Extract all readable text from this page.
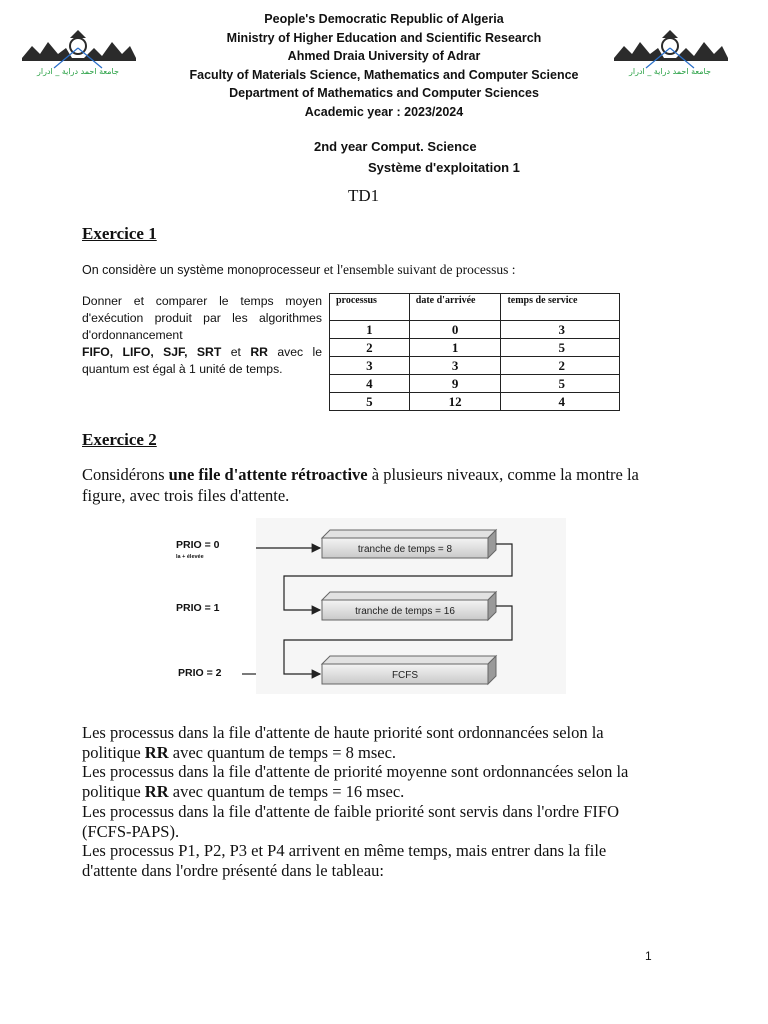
جامعة احمد دراية _ ادرار	جامعة احمد دراية _ ادرار
People's Democratic Republic of Algeria
Ministry of Higher Education and Scientific Research
Ahmed Draia University of Adrar
Faculty of Materials Science, Mathematics and Computer Science
Department of Mathematics and Computer Sciences
Academic year : 2023/2024
2nd year Comput. Science
Système d'exploitation 1
TD1
Exercice 1
On considère un système monoprocesseur et l'ensemble suivant de processus :
Donner et comparer le temps moyen d'exécution produit par les algorithmes d'ordonnancement
FIFO, LIFO, SJF, SRT et RR avec le quantum est égal à 1 unité de temps.
processus	date d'arrivée	temps de service
1	0	3
2	1	5
3	3	2
4	9	5
5	12	4
Exercice 2
Considérons une file d'attente rétroactive à plusieurs niveaux, comme la montre la figure, avec trois files d'attente.
tranche de temps = 8
tranche de temps = 16
FCFS
PRIO = 0
la + élevée
PRIO = 1
PRIO = 2
Les processus dans la file d'attente de haute priorité sont ordonnancées selon la politique RR avec quantum de temps = 8 msec.
Les processus dans la file d'attente de priorité moyenne sont ordonnancées selon la politique RR avec quantum de temps = 16 msec.
Les processus dans la file d'attente de faible priorité sont servis dans l'ordre FIFO (FCFS-PAPS).
Les processus P1, P2, P3 et P4 arrivent en même temps, mais entrer dans la file d'attente dans l'ordre présenté dans le tableau:
1
